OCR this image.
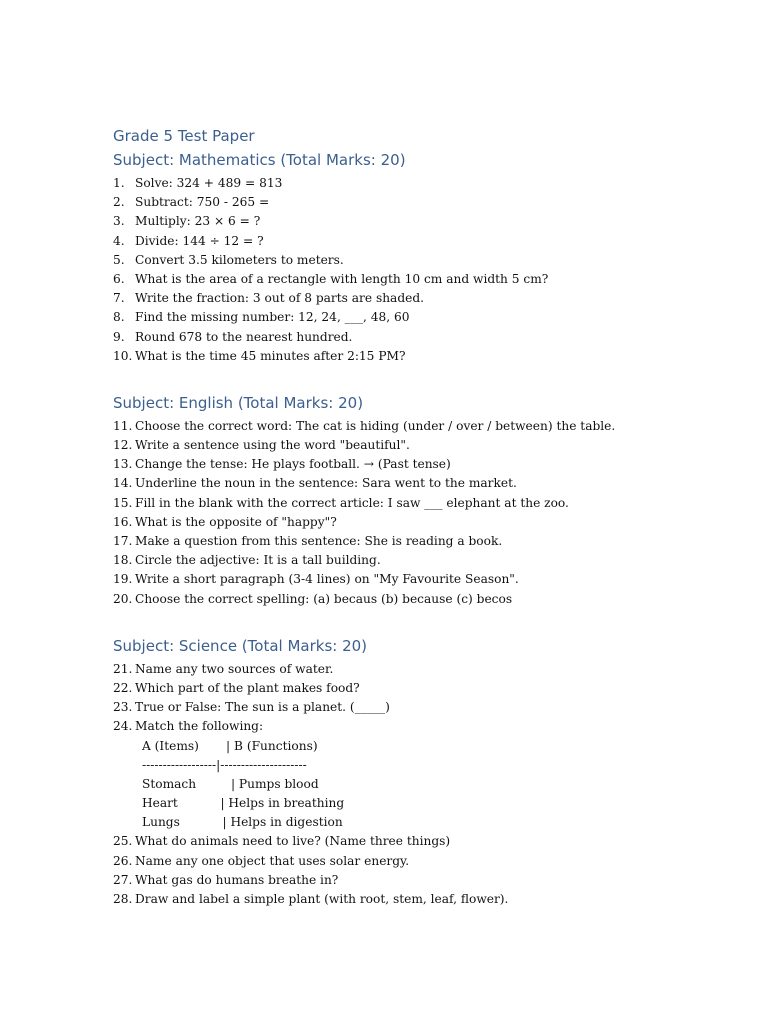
Grade 5 Test Paper
Subject: Mathematics (Total Marks: 20)
1. Solve: 324 + 489 = 813
2. Subtract: 750 - 265 =
3. Multiply: 23 × 6 = ?
4. Divide: 144 ÷ 12 = ?
5. Convert 3.5 kilometers to meters.
6. What is the area of a rectangle with length 10 cm and width 5 cm?
7. Write the fraction: 3 out of 8 parts are shaded.
8. Find the missing number: 12, 24, ___, 48, 60
9. Round 678 to the nearest hundred.
10. What is the time 45 minutes after 2:15 PM?
Subject: English (Total Marks: 20)
11. Choose the correct word: The cat is hiding (under / over / between) the table.
12. Write a sentence using the word "beautiful".
13. Change the tense: He plays football. → (Past tense)
14. Underline the noun in the sentence: Sara went to the market.
15. Fill in the blank with the correct article: I saw ___ elephant at the zoo.
16. What is the opposite of "happy"?
17. Make a question from this sentence: She is reading a book.
18. Circle the adjective: It is a tall building.
19. Write a short paragraph (3-4 lines) on "My Favourite Season".
20. Choose the correct spelling: (a) becaus (b) because (c) becos
Subject: Science (Total Marks: 20)
21. Name any two sources of water.
22. Which part of the plant makes food?
23. True or False: The sun is a planet. (_____)
24. Match the following:
A (Items)       | B (Functions)
------------------|---------------------
Stomach         | Pumps blood
Heart           | Helps in breathing
Lungs           | Helps in digestion
25. What do animals need to live? (Name three things)
26. Name any one object that uses solar energy.
27. What gas do humans breathe in?
28. Draw and label a simple plant (with root, stem, leaf, flower).
